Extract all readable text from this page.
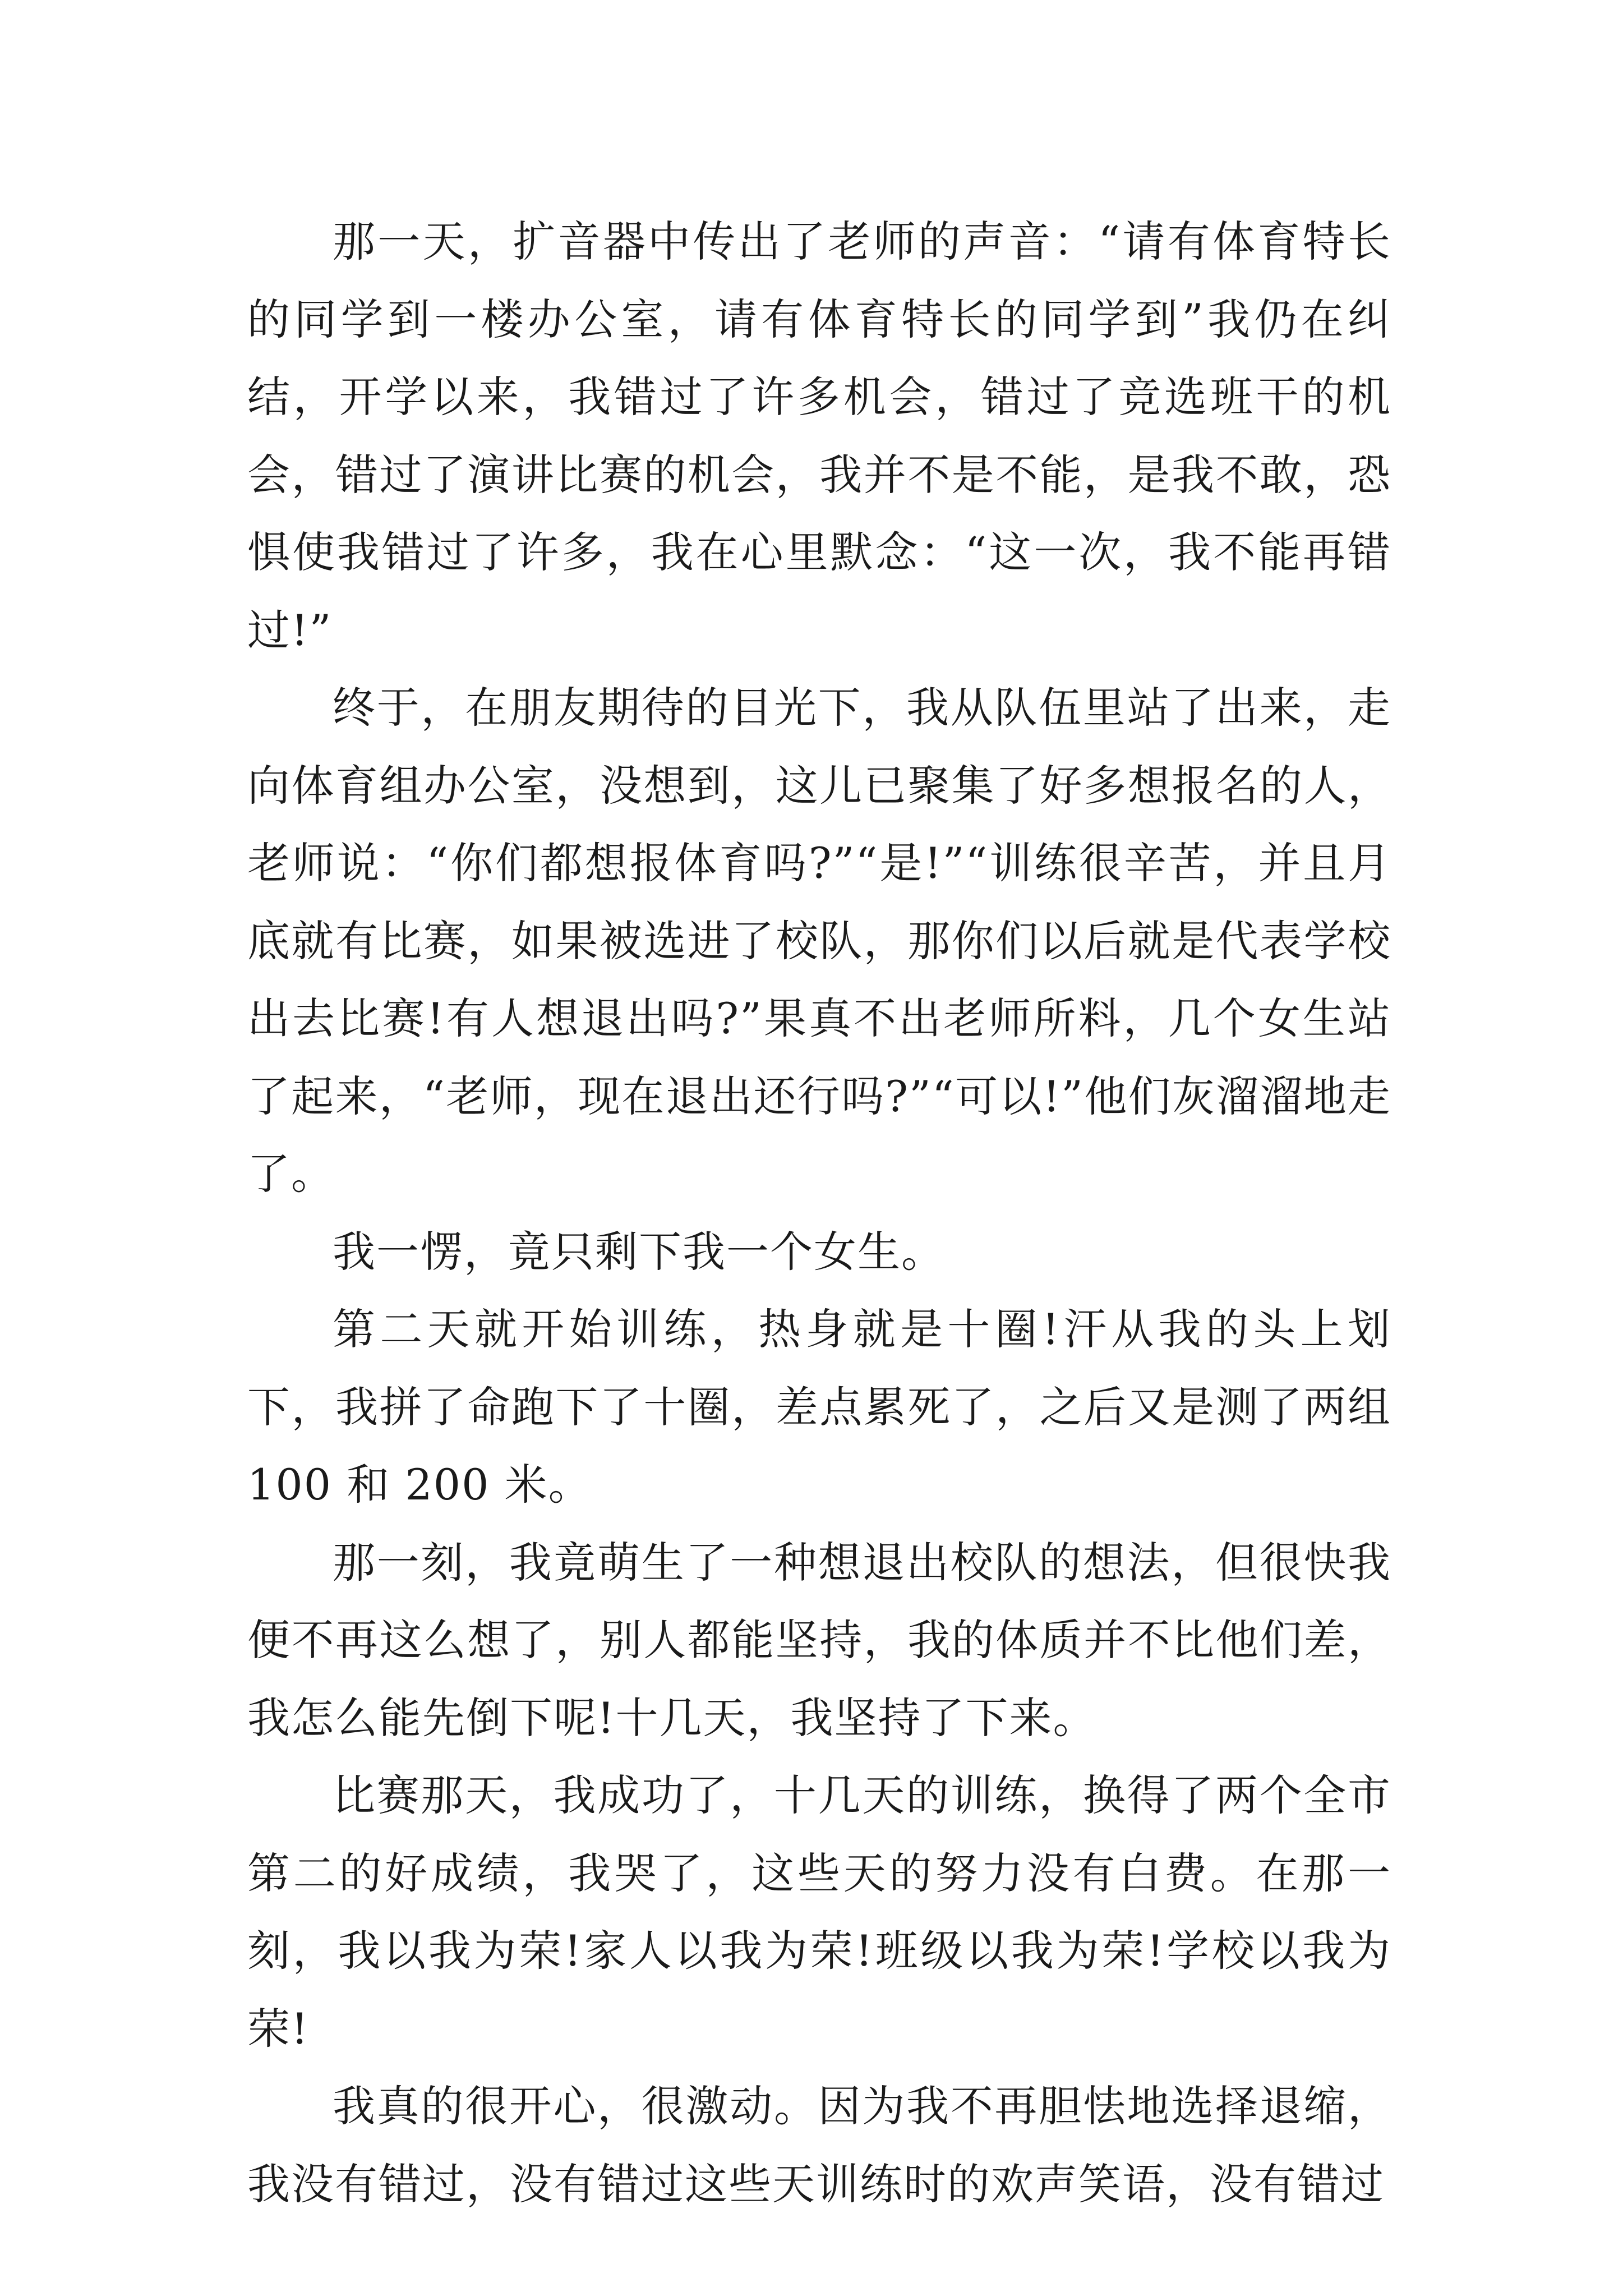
那一天，扩音器中传出了老师的声音：“请有体育特长的同学到一楼办公室，请有体育特长的同学到”我仍在纠结，开学以来，我错过了许多机会，错过了竞选班干的机会，错过了演讲比赛的机会，我并不是不能，是我不敢，恐惧使我错过了许多，我在心里默念：“这一次，我不能再错过!”

终于，在朋友期待的目光下，我从队伍里站了出来，走向体育组办公室，没想到，这儿已聚集了好多想报名的人，老师说：“你们都想报体育吗?”“是!”“训练很辛苦，并且月底就有比赛，如果被选进了校队，那你们以后就是代表学校出去比赛!有人想退出吗?”果真不出老师所料，几个女生站了起来，“老师，现在退出还行吗?”“可以!”他们灰溜溜地走了。

我一愣，竟只剩下我一个女生。

第二天就开始训练，热身就是十圈!汗从我的头上划下，我拼了命跑下了十圈，差点累死了，之后又是测了两组 100 和 200 米。

那一刻，我竟萌生了一种想退出校队的想法，但很快我便不再这么想了，别人都能坚持，我的体质并不比他们差，我怎么能先倒下呢!十几天，我坚持了下来。

比赛那天，我成功了，十几天的训练，换得了两个全市第二的好成绩，我哭了，这些天的努力没有白费。在那一刻，我以我为荣!家人以我为荣!班级以我为荣!学校以我为荣!

我真的很开心，很激动。因为我不再胆怯地选择退缩，我没有错过，没有错过这些天训练时的欢声笑语，没有错过
